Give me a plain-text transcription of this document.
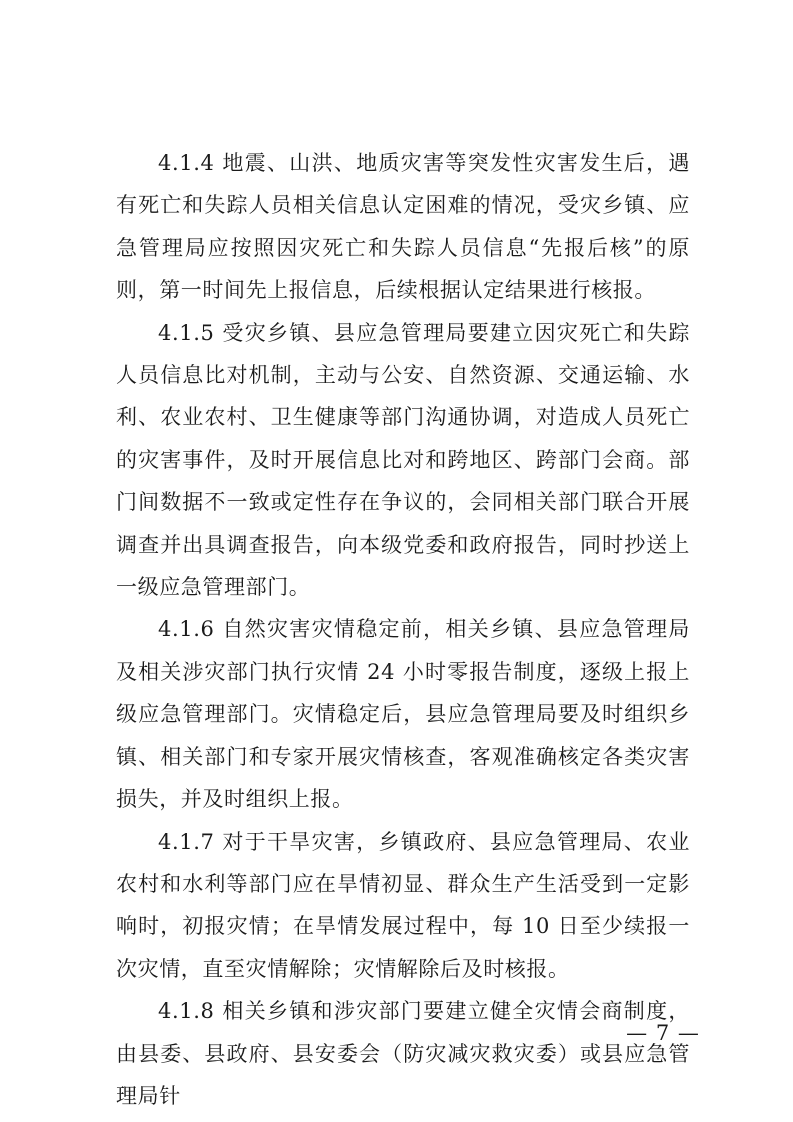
4.1.4 地震、山洪、地质灾害等突发性灾害发生后，遇有死亡和失踪人员相关信息认定困难的情况，受灾乡镇、应急管理局应按照因灾死亡和失踪人员信息“先报后核”的原则，第一时间先上报信息，后续根据认定结果进行核报。

4.1.5 受灾乡镇、县应急管理局要建立因灾死亡和失踪人员信息比对机制，主动与公安、自然资源、交通运输、水利、农业农村、卫生健康等部门沟通协调，对造成人员死亡的灾害事件，及时开展信息比对和跨地区、跨部门会商。部门间数据不一致或定性存在争议的，会同相关部门联合开展调查并出具调查报告，向本级党委和政府报告，同时抄送上一级应急管理部门。

4.1.6 自然灾害灾情稳定前，相关乡镇、县应急管理局及相关涉灾部门执行灾情 24 小时零报告制度，逐级上报上级应急管理部门。灾情稳定后，县应急管理局要及时组织乡镇、相关部门和专家开展灾情核查，客观准确核定各类灾害损失，并及时组织上报。

4.1.7 对于干旱灾害，乡镇政府、县应急管理局、农业农村和水利等部门应在旱情初显、群众生产生活受到一定影响时，初报灾情；在旱情发展过程中，每 10 日至少续报一次灾情，直至灾情解除；灾情解除后及时核报。

4.1.8 相关乡镇和涉灾部门要建立健全灾情会商制度，由县委、县政府、县安委会（防灾减灾救灾委）或县应急管理局针

— 7 —
